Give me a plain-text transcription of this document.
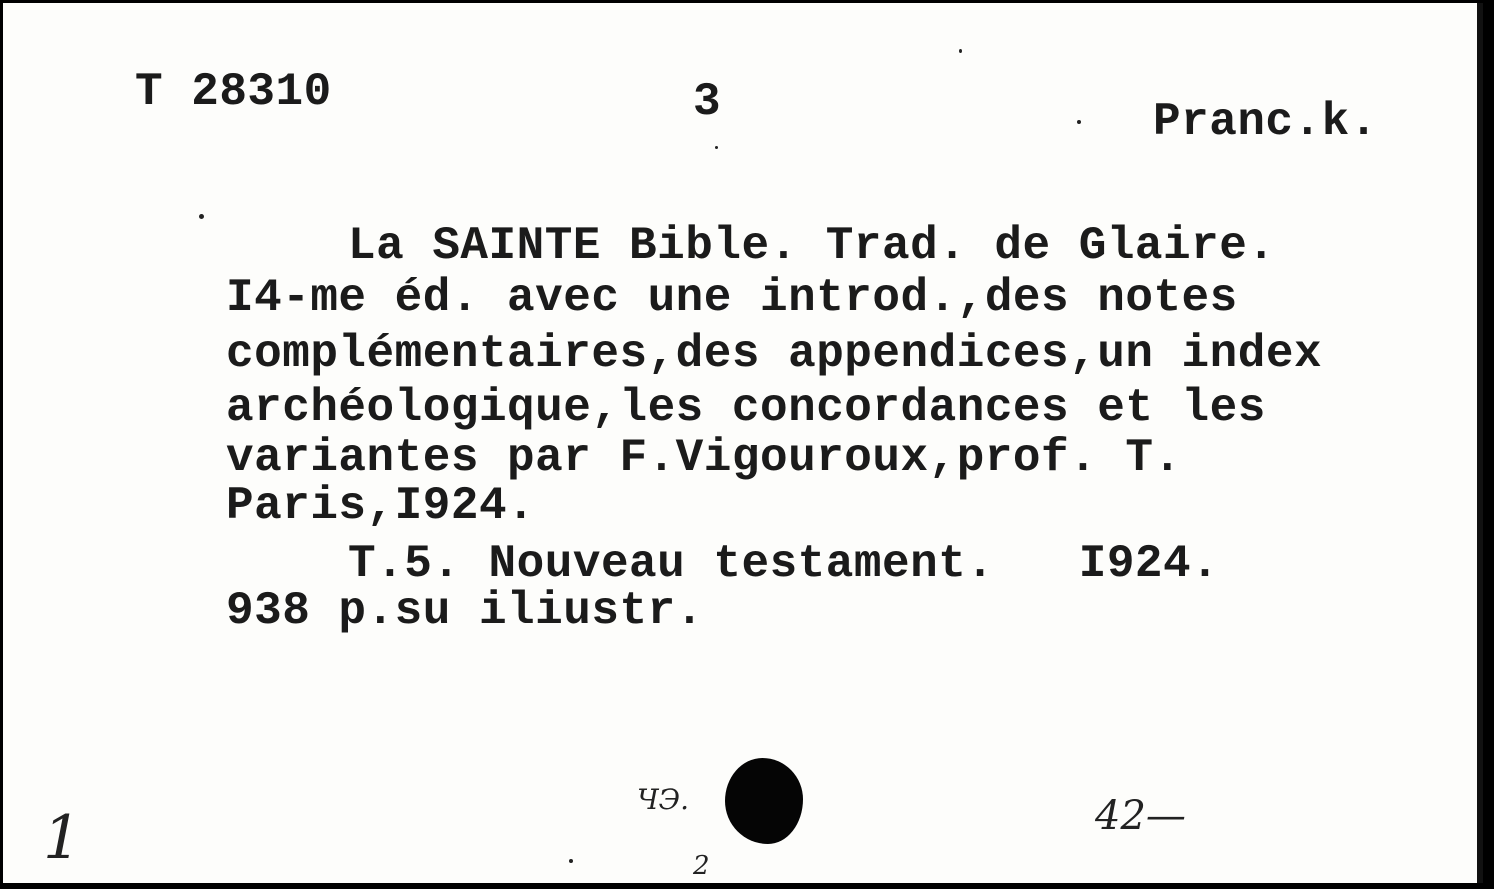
T 28310	3	Pranc.k.
La SAINTE Bible. Trad. de Glaire.
I4-me éd. avec une introd.,des notes
complémentaires,des appendices,un index
archéologique,les concordances et les
variantes par F.Vigouroux,prof. T.
Paris,I924.
T.5. Nouveau testament.   I924.
938 p.su iliustr.
1
ЧЭ.
2
42—
